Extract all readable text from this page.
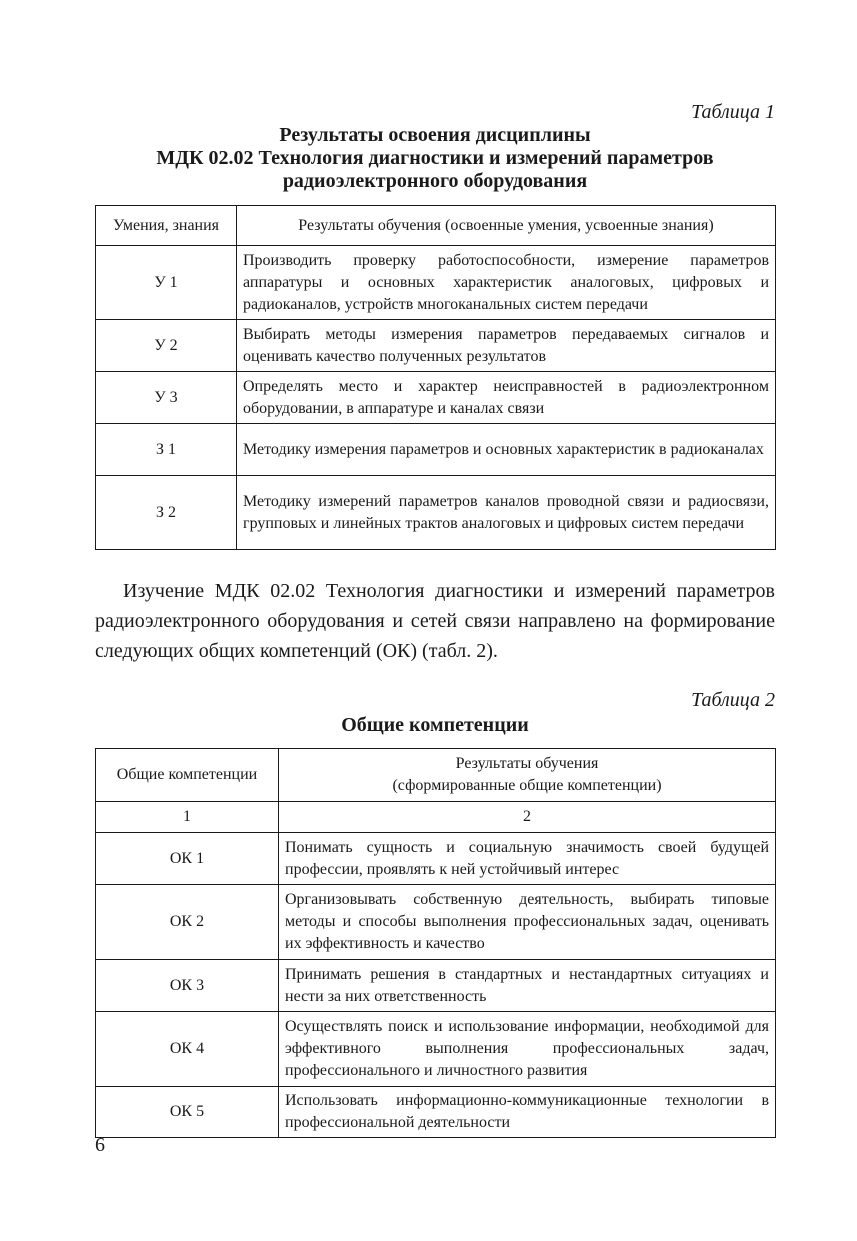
Таблица 1
Результаты освоения дисциплины
МДК 02.02 Технология диагностики и измерений параметров
радиоэлектронного оборудования
Умения, знания	Результаты обучения (освоенные умения, усвоенные знания)
У 1	Производить проверку работоспособности, измерение параметров аппаратуры и основных характеристик аналоговых, цифровых и радиоканалов, устройств многоканальных систем передачи
У 2	Выбирать методы измерения параметров передаваемых сигналов и оценивать качество полученных результатов
У 3	Определять место и характер неисправностей в радиоэлектронном оборудовании, в аппаратуре и каналах связи
З 1	Методику измерения параметров и основных характеристик в радиоканалах
З 2	Методику измерений параметров каналов проводной связи и радиосвязи, групповых и линейных трактов аналоговых и цифровых систем передачи
Изучение МДК 02.02 Технология диагностики и измерений параметров радиоэлектронного оборудования и сетей связи направлено на формирование следующих общих компетенций (ОК) (табл. 2).
Таблица 2
Общие компетенции
Общие компетенции	Результаты обучения
(сформированные общие компетенции)

1	2
ОК 1	Понимать сущность и социальную значимость своей будущей профессии, проявлять к ней устойчивый интерес
ОК 2	Организовывать собственную деятельность, выбирать типовые методы и способы выполнения профессиональных задач, оценивать их эффективность и качество
ОК 3	Принимать решения в стандартных и нестандартных ситуациях и нести за них ответственность
ОК 4	Осуществлять поиск и использование информации, необходимой для эффективного выполнения профессиональных задач, профессионального и личностного развития
ОК 5	Использовать информационно-коммуникационные технологии в профессиональной деятельности
6
